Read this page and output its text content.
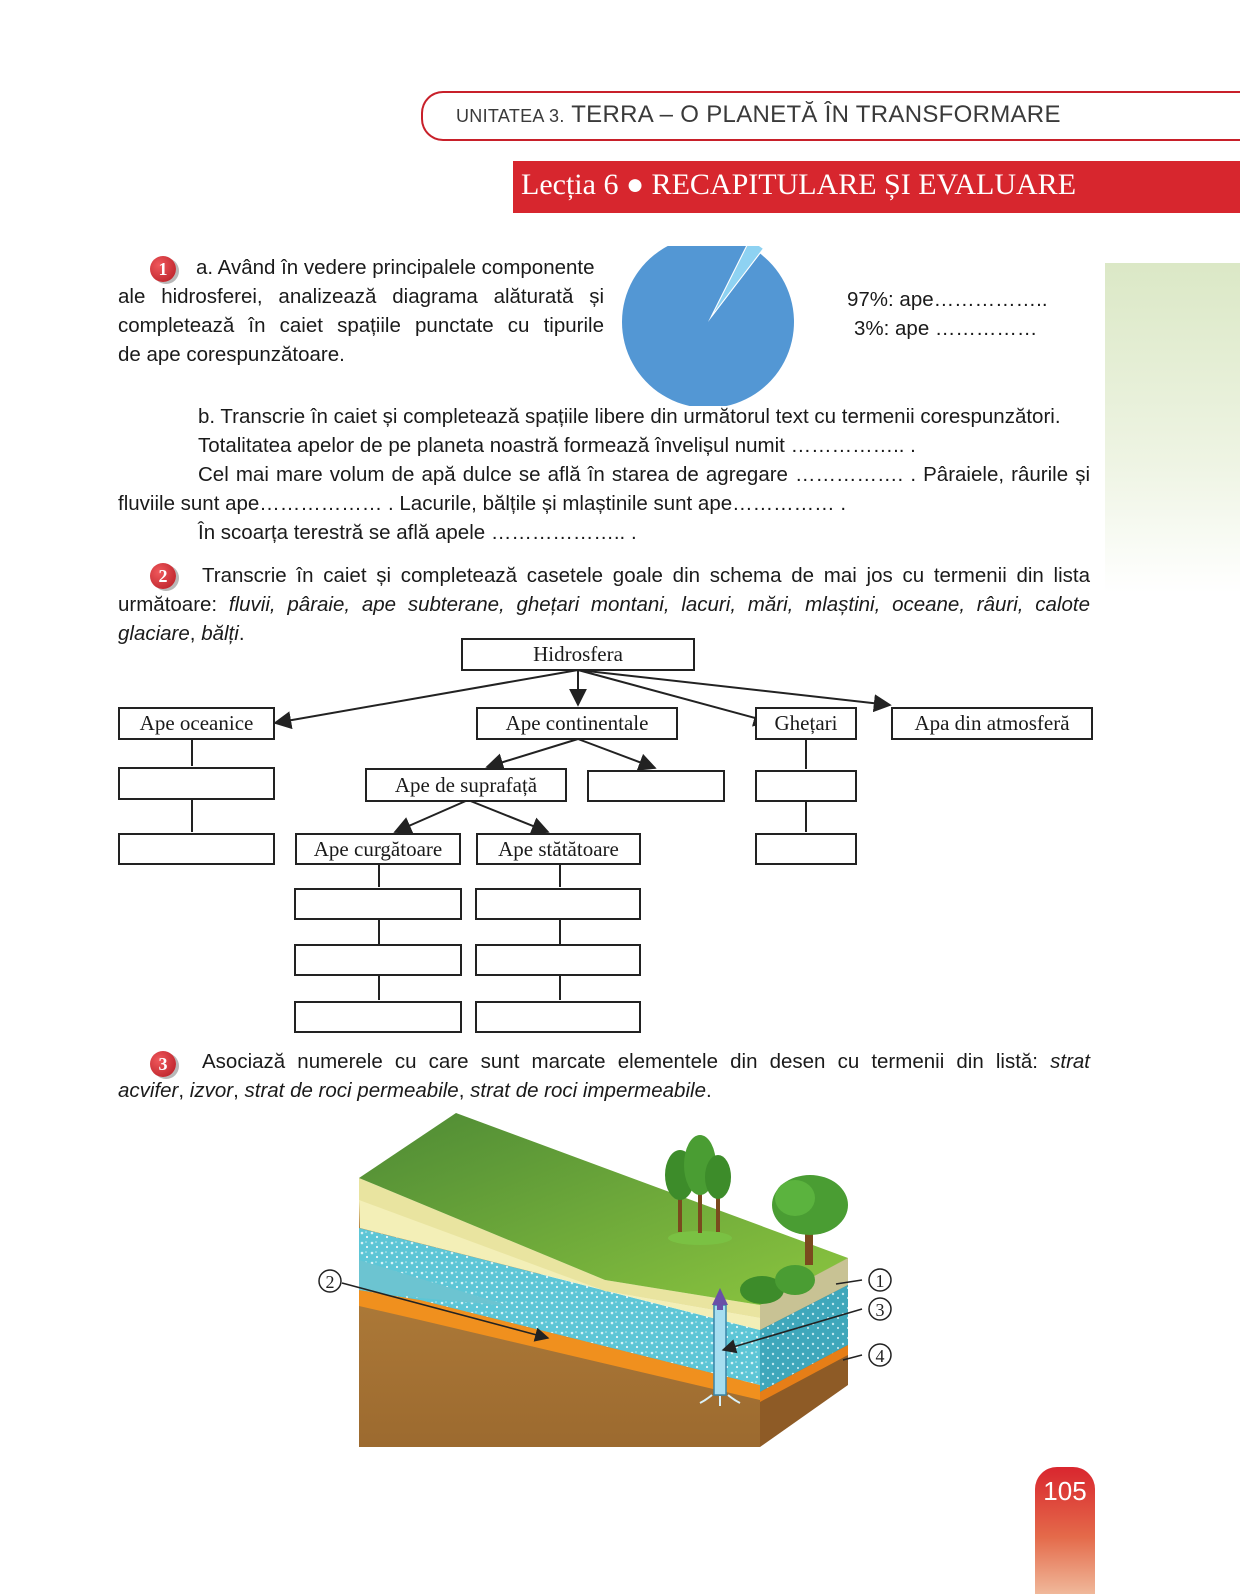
UNITATEA 3. TERRA – O PLANETĂ ÎN TRANSFORMARE
Lecția 6 ● RECAPITULARE ȘI EVALUARE
1	a. Având în vedere principalele componente
ale hidrosferei, analizează diagrama alăturată și
completează în caiet spațiile punctate cu tipurile
de ape corespunzătoare.
97%: ape……………..
3%: ape ……………
b. Transcrie în caiet și completează spațiile libere din următorul text cu termenii corespunzători.
Totalitatea apelor de pe planeta noastră formează învelișul numit …………….. .
Cel mai mare volum de apă dulce se află în starea de agregare ……………. . Pâraiele, râurile și
fluviile sunt ape……………… . Lacurile, bălțile și mlaștinile sunt ape…………… .
În scoarța terestră se află apele ……………….. .
2	Transcrie în caiet și completează casetele goale din schema de mai jos cu termenii din lista
următoare: fluvii, pâraie, ape subterane, ghețari montani, lacuri, mări, mlaștini, oceane, râuri, calote
glaciare, bălți.
Hidrosfera
Ape oceanice	Ape continentale	Ghețari	Apa din atmosferă
Ape de suprafață
Ape curgătoare	Ape stătătoare
3	Asociază numerele cu care sunt marcate elementele din desen cu termenii din listă: strat
acvifer, izvor, strat de roci permeabile, strat de roci impermeabile.
1
2
3
4
105
